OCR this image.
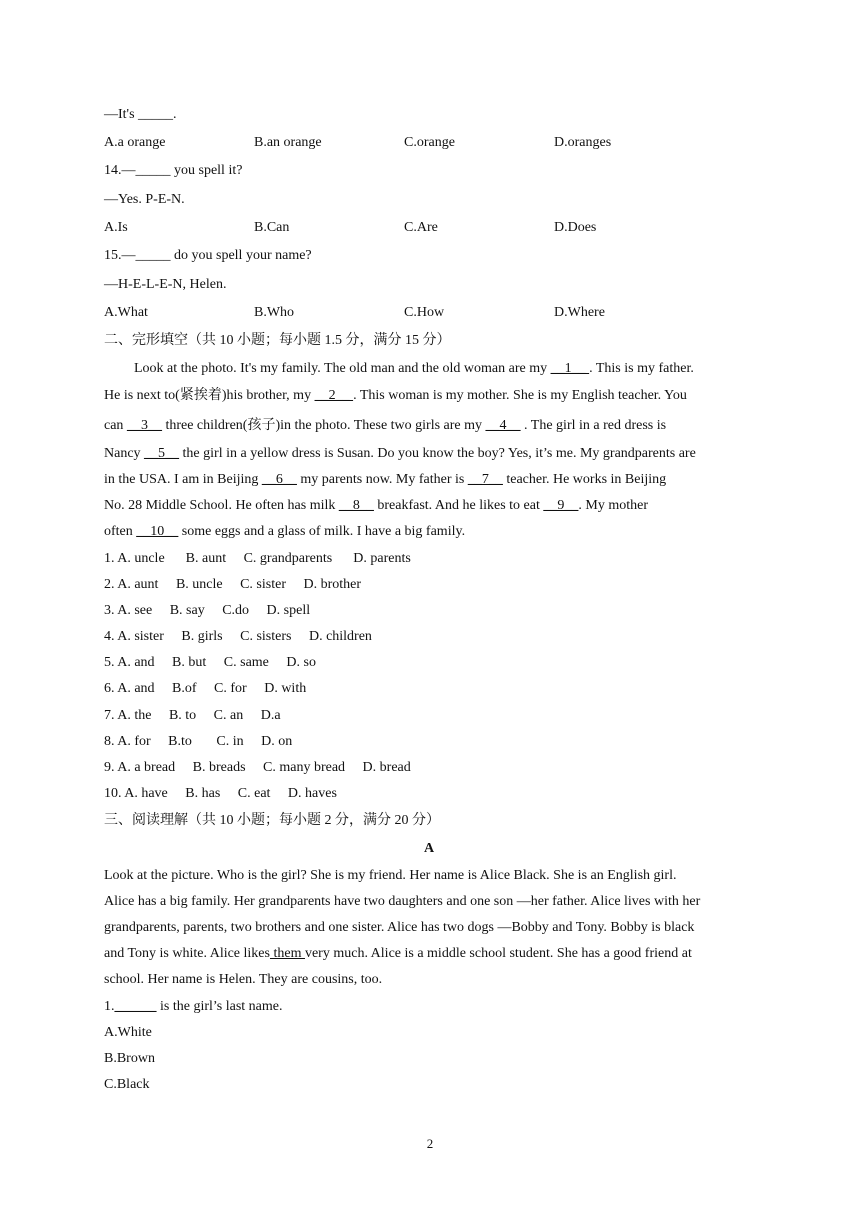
—It's _____.
A.a orange	B.an orange	C.orange	D.oranges
14.—_____ you spell it?
—Yes. P-E-N.
A.Is	B.Can	C.Are	D.Does
15.—_____ do you spell your name?
—H-E-L-E-N, Helen.
A.What	B.Who	C.How	D.Where
二、完形填空（共 10 小题；每小题 1.5 分，满分 15 分）
Look at the photo. It's my family. The old man and the old woman are my __1__ . This is my father.
He is next to(紧挨着)his brother, my __2__ . This woman is my mother. She is my English teacher. You
can __3__ three children(孩子)in the photo. These two girls are my __4__ . The girl in a red dress is
Nancy __5__ the girl in a yellow dress is Susan. Do you know the boy? Yes, it’s me. My grandparents are
in the USA. I am in Beijing __6__ my parents now. My father is __7__ teacher. He works in Beijing
No. 28 Middle School. He often has milk __8__ breakfast. And he likes to eat __9__. My mother
often __10__ some eggs and a glass of milk. I have a big family.
1. A. uncle      B. aunt     C. grandparents      D. parents
2. A. aunt     B. uncle     C. sister     D. brother
3. A. see     B. say     C.do     D. spell
4. A. sister     B. girls     C. sisters     D. children
5. A. and     B. but     C. same     D. so
6. A. and     B.of     C. for     D. with
7. A. the     B. to     C. an     D.a
8. A. for     B.to       C. in     D. on
9. A. a bread     B. breads     C. many bread     D. bread
10. A. have     B. has     C. eat     D. haves
三、阅读理解（共 10 小题；每小题 2 分，满分 20 分）
A
Look at the picture. Who is the girl? She is my friend. Her name is Alice Black. She is an English girl.
Alice has a big family. Her grandparents have two daughters and one son —her father. Alice lives with her
grandparents, parents, two brothers and one sister. Alice has two dogs —Bobby and Tony. Bobby is black
and Tony is white. Alice likes them very much. Alice is a middle school student. She has a good friend at
school. Her name is Helen. They are cousins, too.
1.______ is the girl’s last name.
A.White
B.Brown
C.Black
2
